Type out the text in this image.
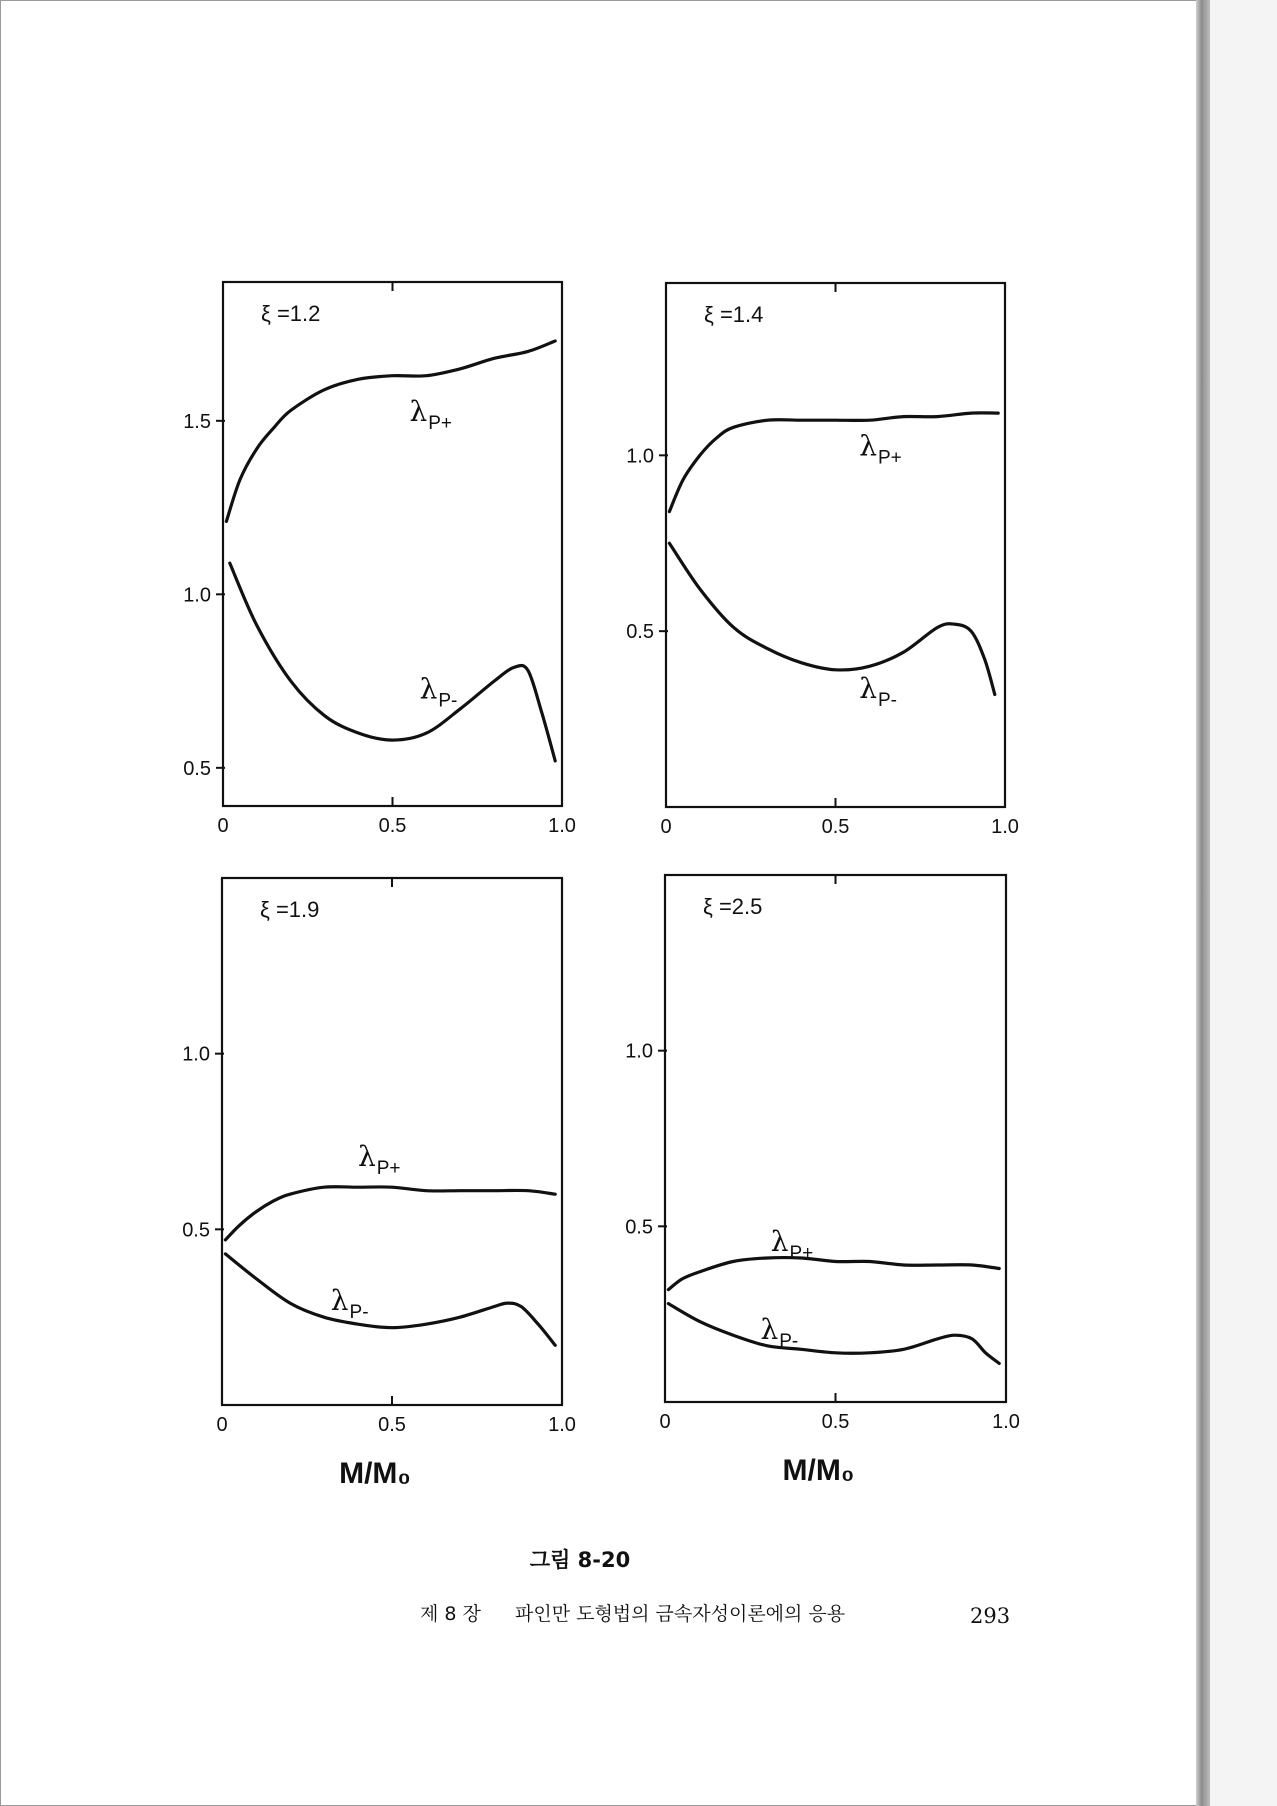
0	0.5	1.0
0.5
1.0
1.5
ξ =1.2
$\lambda_{P+}$
$\lambda_{P-}$
0	0.5	1.0
0.5
1.0
ξ =1.4
$\lambda_{P+}$
$\lambda_{P-}$
0	0.5	1.0
0.5
1.0
ξ =1.9
$\lambda_{P+}$
$\lambda_{P-}$
M/M₀
0	0.5	1.0
0.5
1.0
ξ =2.5
$\lambda_{P+}$
$\lambda_{P-}$
M/M₀
그림 8-20
제 8 장 파인만 도형법의 금속자성이론에의 응용	293
